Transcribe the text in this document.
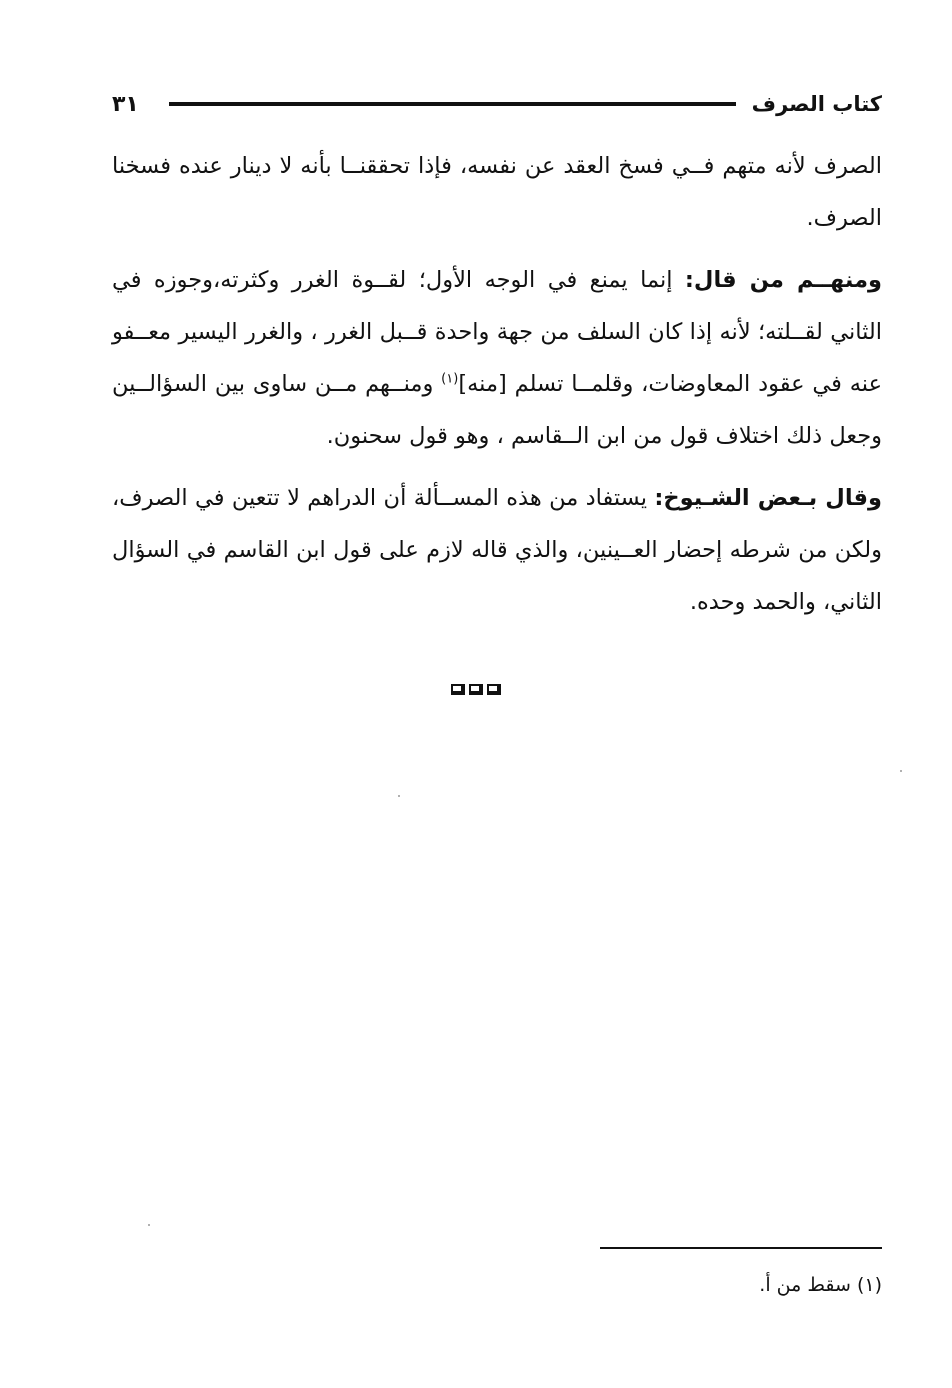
كتاب الصرف
٣١

الصرف لأنه متهم فــي فسخ العقد عن نفسه، فإذا تحققنــا بأنه لا دينار عنده فسخنا الصرف.

ومنهــم من قال: إنما يمنع في الوجه الأول؛ لقــوة الغرر وكثرته،وجوزه في الثاني لقــلته؛ لأنه إذا كان السلف من جهة واحدة قــبل الغرر ، والغرر اليسير معــفو عنه في عقود المعاوضات، وقلمــا تسلم [منه]$^{(١)}$ ومنــهم مــن ساوى بين السؤالــين وجعل ذلك اختلاف قول من ابن الــقاسم ، وهو قول سحنون.

وقال بـعض الشـيوخ: يستفاد من هذه المســألة أن الدراهم لا تتعين في الصرف، ولكن من شرطه إحضار العــينين، والذي قاله لازم على قول ابن القاسم في السؤال الثاني، والحمد وحده.

(١) سقط من أ.
